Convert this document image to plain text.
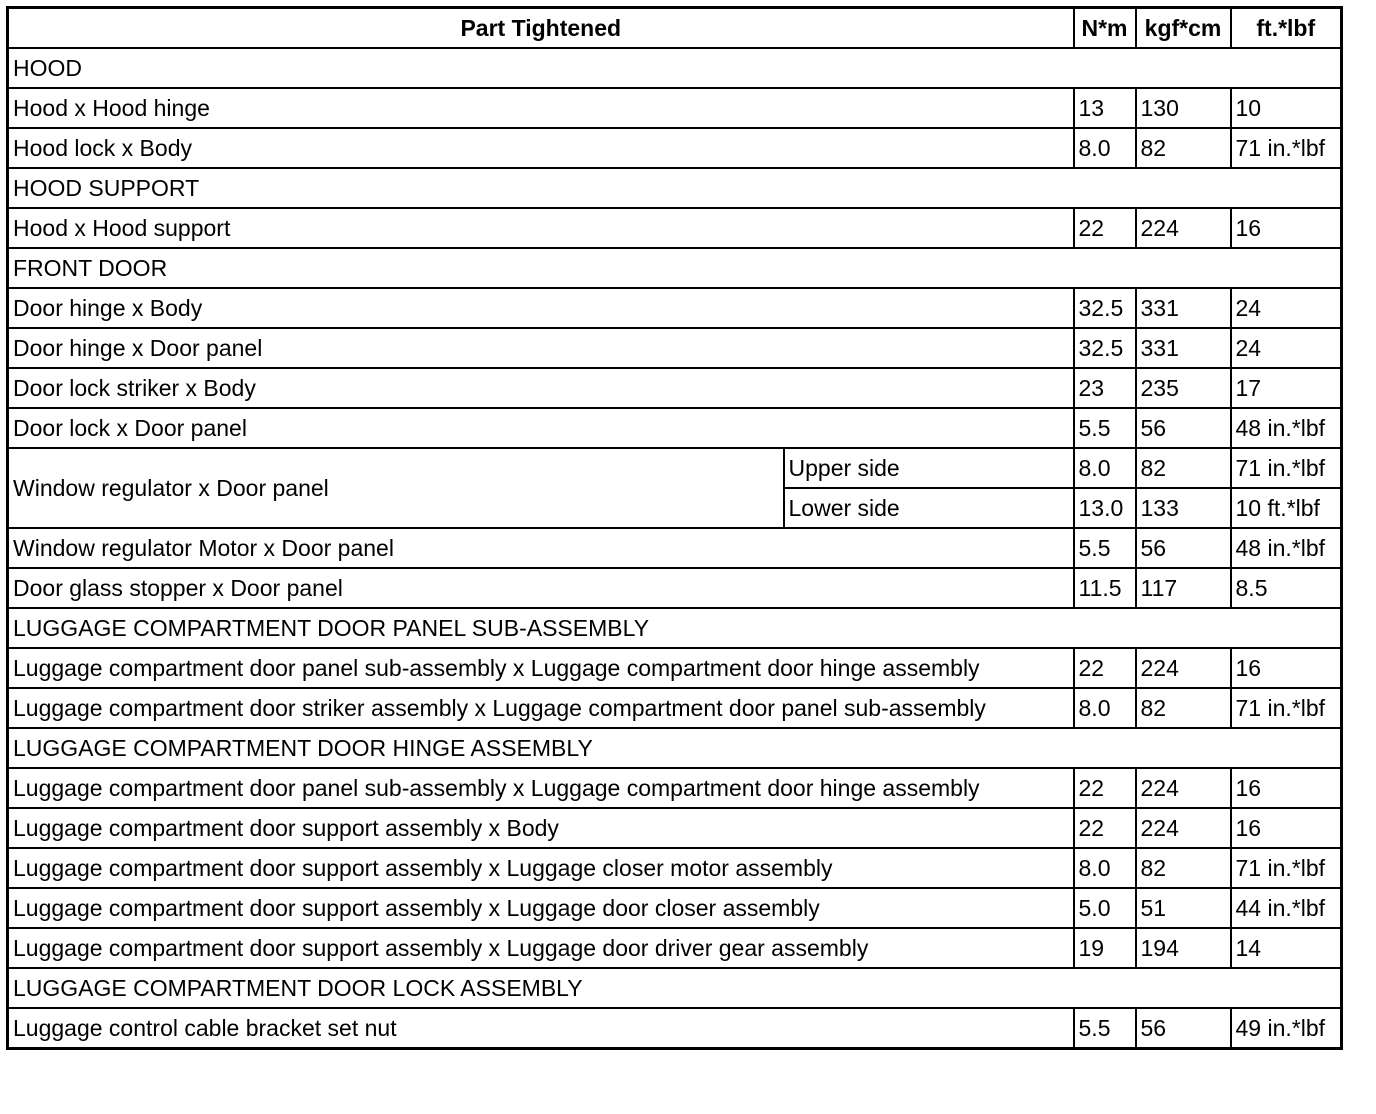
Part Tightened		N*m	kgf*cm	ft.*lbf
HOOD				
Hood x Hood hinge		13	130	10
Hood lock x Body		8.0	82	71 in.*lbf
HOOD SUPPORT				
Hood x Hood support		22	224	16
FRONT DOOR				
Door hinge x Body		32.5	331	24
Door hinge x Door panel		32.5	331	24
Door lock striker x Body		23	235	17
Door lock x Door panel		5.5	56	48 in.*lbf
Window regulator x Door panel	Upper side	8.0	82	71 in.*lbf
	Lower side	13.0	133	10 ft.*lbf
Window regulator Motor x Door panel		5.5	56	48 in.*lbf
Door glass stopper x Door panel		11.5	117	8.5
LUGGAGE COMPARTMENT DOOR PANEL SUB-ASSEMBLY				
Luggage compartment door panel sub-assembly x Luggage compartment door hinge assembly		22	224	16
Luggage compartment door striker assembly x Luggage compartment door panel sub-assembly		8.0	82	71 in.*lbf
LUGGAGE COMPARTMENT DOOR HINGE ASSEMBLY				
Luggage compartment door panel sub-assembly x Luggage compartment door hinge assembly		22	224	16
Luggage compartment door support assembly x Body		22	224	16
Luggage compartment door support assembly x Luggage closer motor assembly		8.0	82	71 in.*lbf
Luggage compartment door support assembly x Luggage door closer assembly		5.0	51	44 in.*lbf
Luggage compartment door support assembly x Luggage door driver gear assembly		19	194	14
LUGGAGE COMPARTMENT DOOR LOCK ASSEMBLY				
Luggage control cable bracket set nut		5.5	56	49 in.*lbf
